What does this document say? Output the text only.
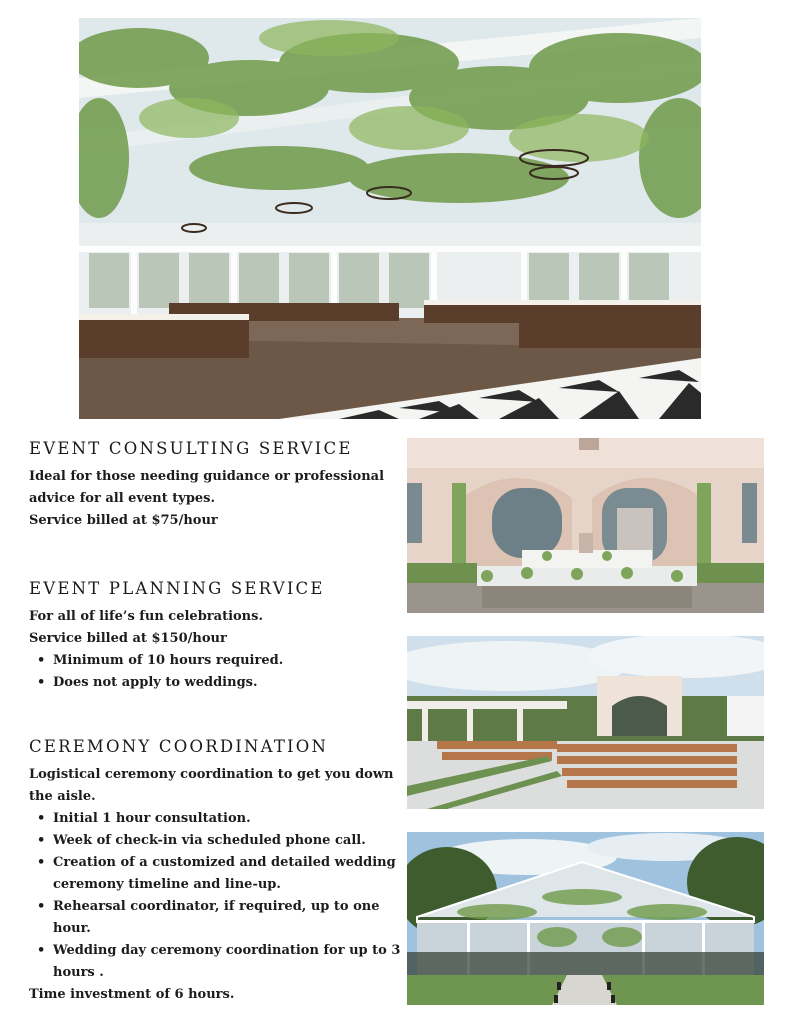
EVENT CONSULTING SERVICE

Ideal for those needing guidance or professional advice for all event types.

Service billed at $75/hour

EVENT PLANNING SERVICE

For all of life’s fun celebrations.

Service billed at $150/hour

• Minimum of 10 hours required.
• Does not apply to weddings.
CEREMONY COORDINATION

Logistical ceremony coordination to get you down the aisle.

• Initial 1 hour consultation.
• Week of check-in via scheduled phone call.
• Creation of a customized and detailed wedding ceremony timeline and line-up.
• Rehearsal coordinator, if required, up to one hour.
• Wedding day ceremony coordination for up to 3 hours .

Time investment of 6 hours.
